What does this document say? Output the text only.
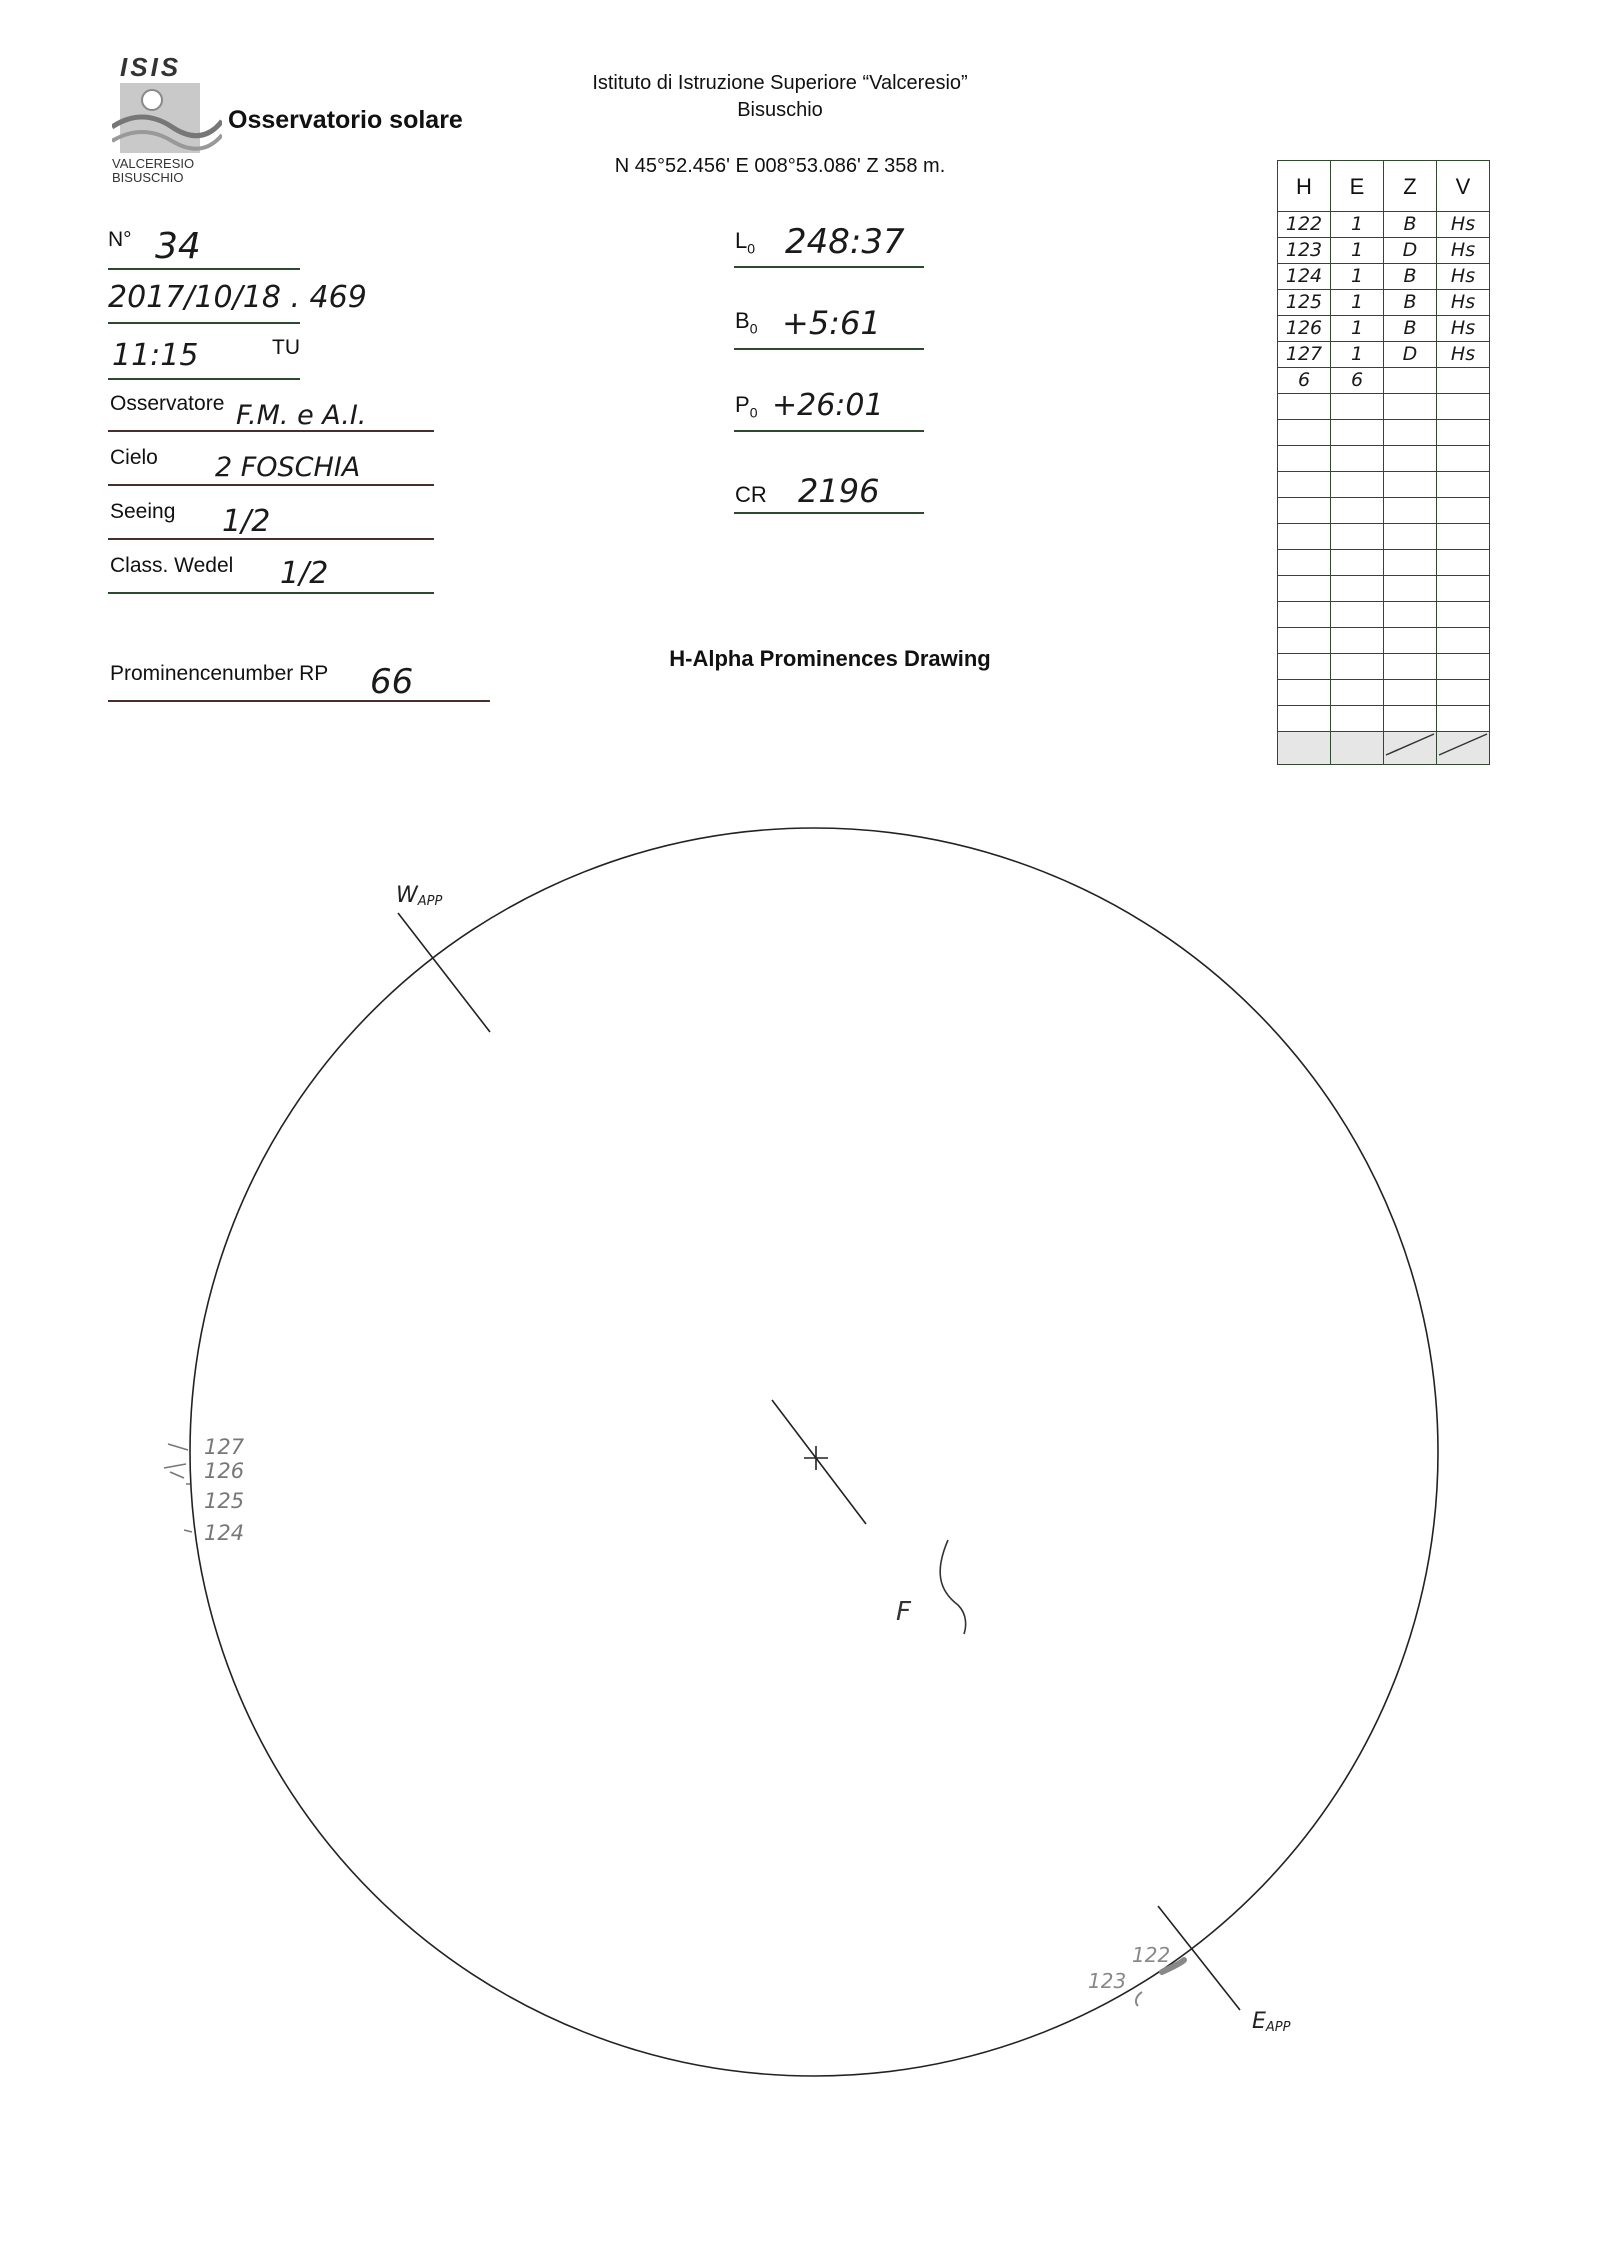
ISIS
VALCERESIO
BISUSCHIO
Osservatorio solare
Istituto di Istruzione Superiore “Valceresio”
Bisuschio
N 45°52.456' E 008°53.086' Z 358 m.
N° 34
2017/10/18 . 469
11:15	TU
Osservatore F.M. e A.I.
Cielo 2 FOSCHIA
Seeing 1/2
Class. Wedel 1/2
Prominencenumber RP 66
$L_0$ 248:37
$B_0$ +5:61
$P_0$ +26:01
CR 2196
H-Alpha Prominences Drawing
H	E	Z	V
122	1	B	Hs
123	1	D	Hs
124	1	B	Hs
125	1	B	Hs
126	1	B	Hs
127	1	D	Hs
6	6		

WAPP
EAPP
F
127
126
125
124
122
123
